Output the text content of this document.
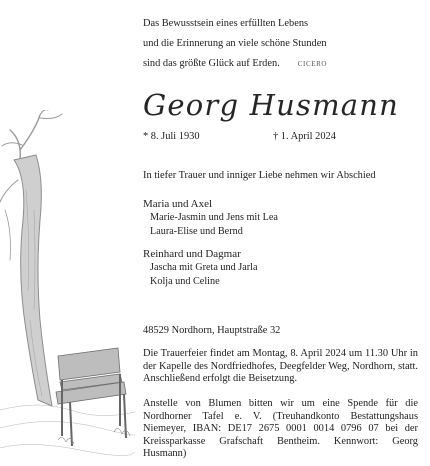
Das Bewusstsein eines erfüllten Lebens
und die Erinnerung an viele schöne Stunden
sind das größte Glück auf Erden.	CICERO
Georg Husmann
* 8. Juli 1930	† 1. April 2024
In tiefer Trauer und inniger Liebe nehmen wir Abschied
Maria und Axel
Marie-Jasmin und Jens mit Lea
Laura-Elise und Bernd
Reinhard und Dagmar
Jascha mit Greta und Jarla
Kolja und Celine
48529 Nordhorn, Hauptstraße 32
Die Trauerfeier findet am Montag, 8. April 2024 um 11.30 Uhr in der Kapelle des Nordfriedhofes, Deegfelder Weg, Nordhorn, statt. Anschließend erfolgt die Beisetzung.
Anstelle von Blumen bitten wir um eine Spende für die Nordhorner Tafel e. V. (Treuhandkonto Bestattungshaus Niemeyer, IBAN: DE17 2675 0001 0014 0796 07 bei der Kreissparkasse Grafschaft Bentheim. Kennwort: Georg Husmann)
